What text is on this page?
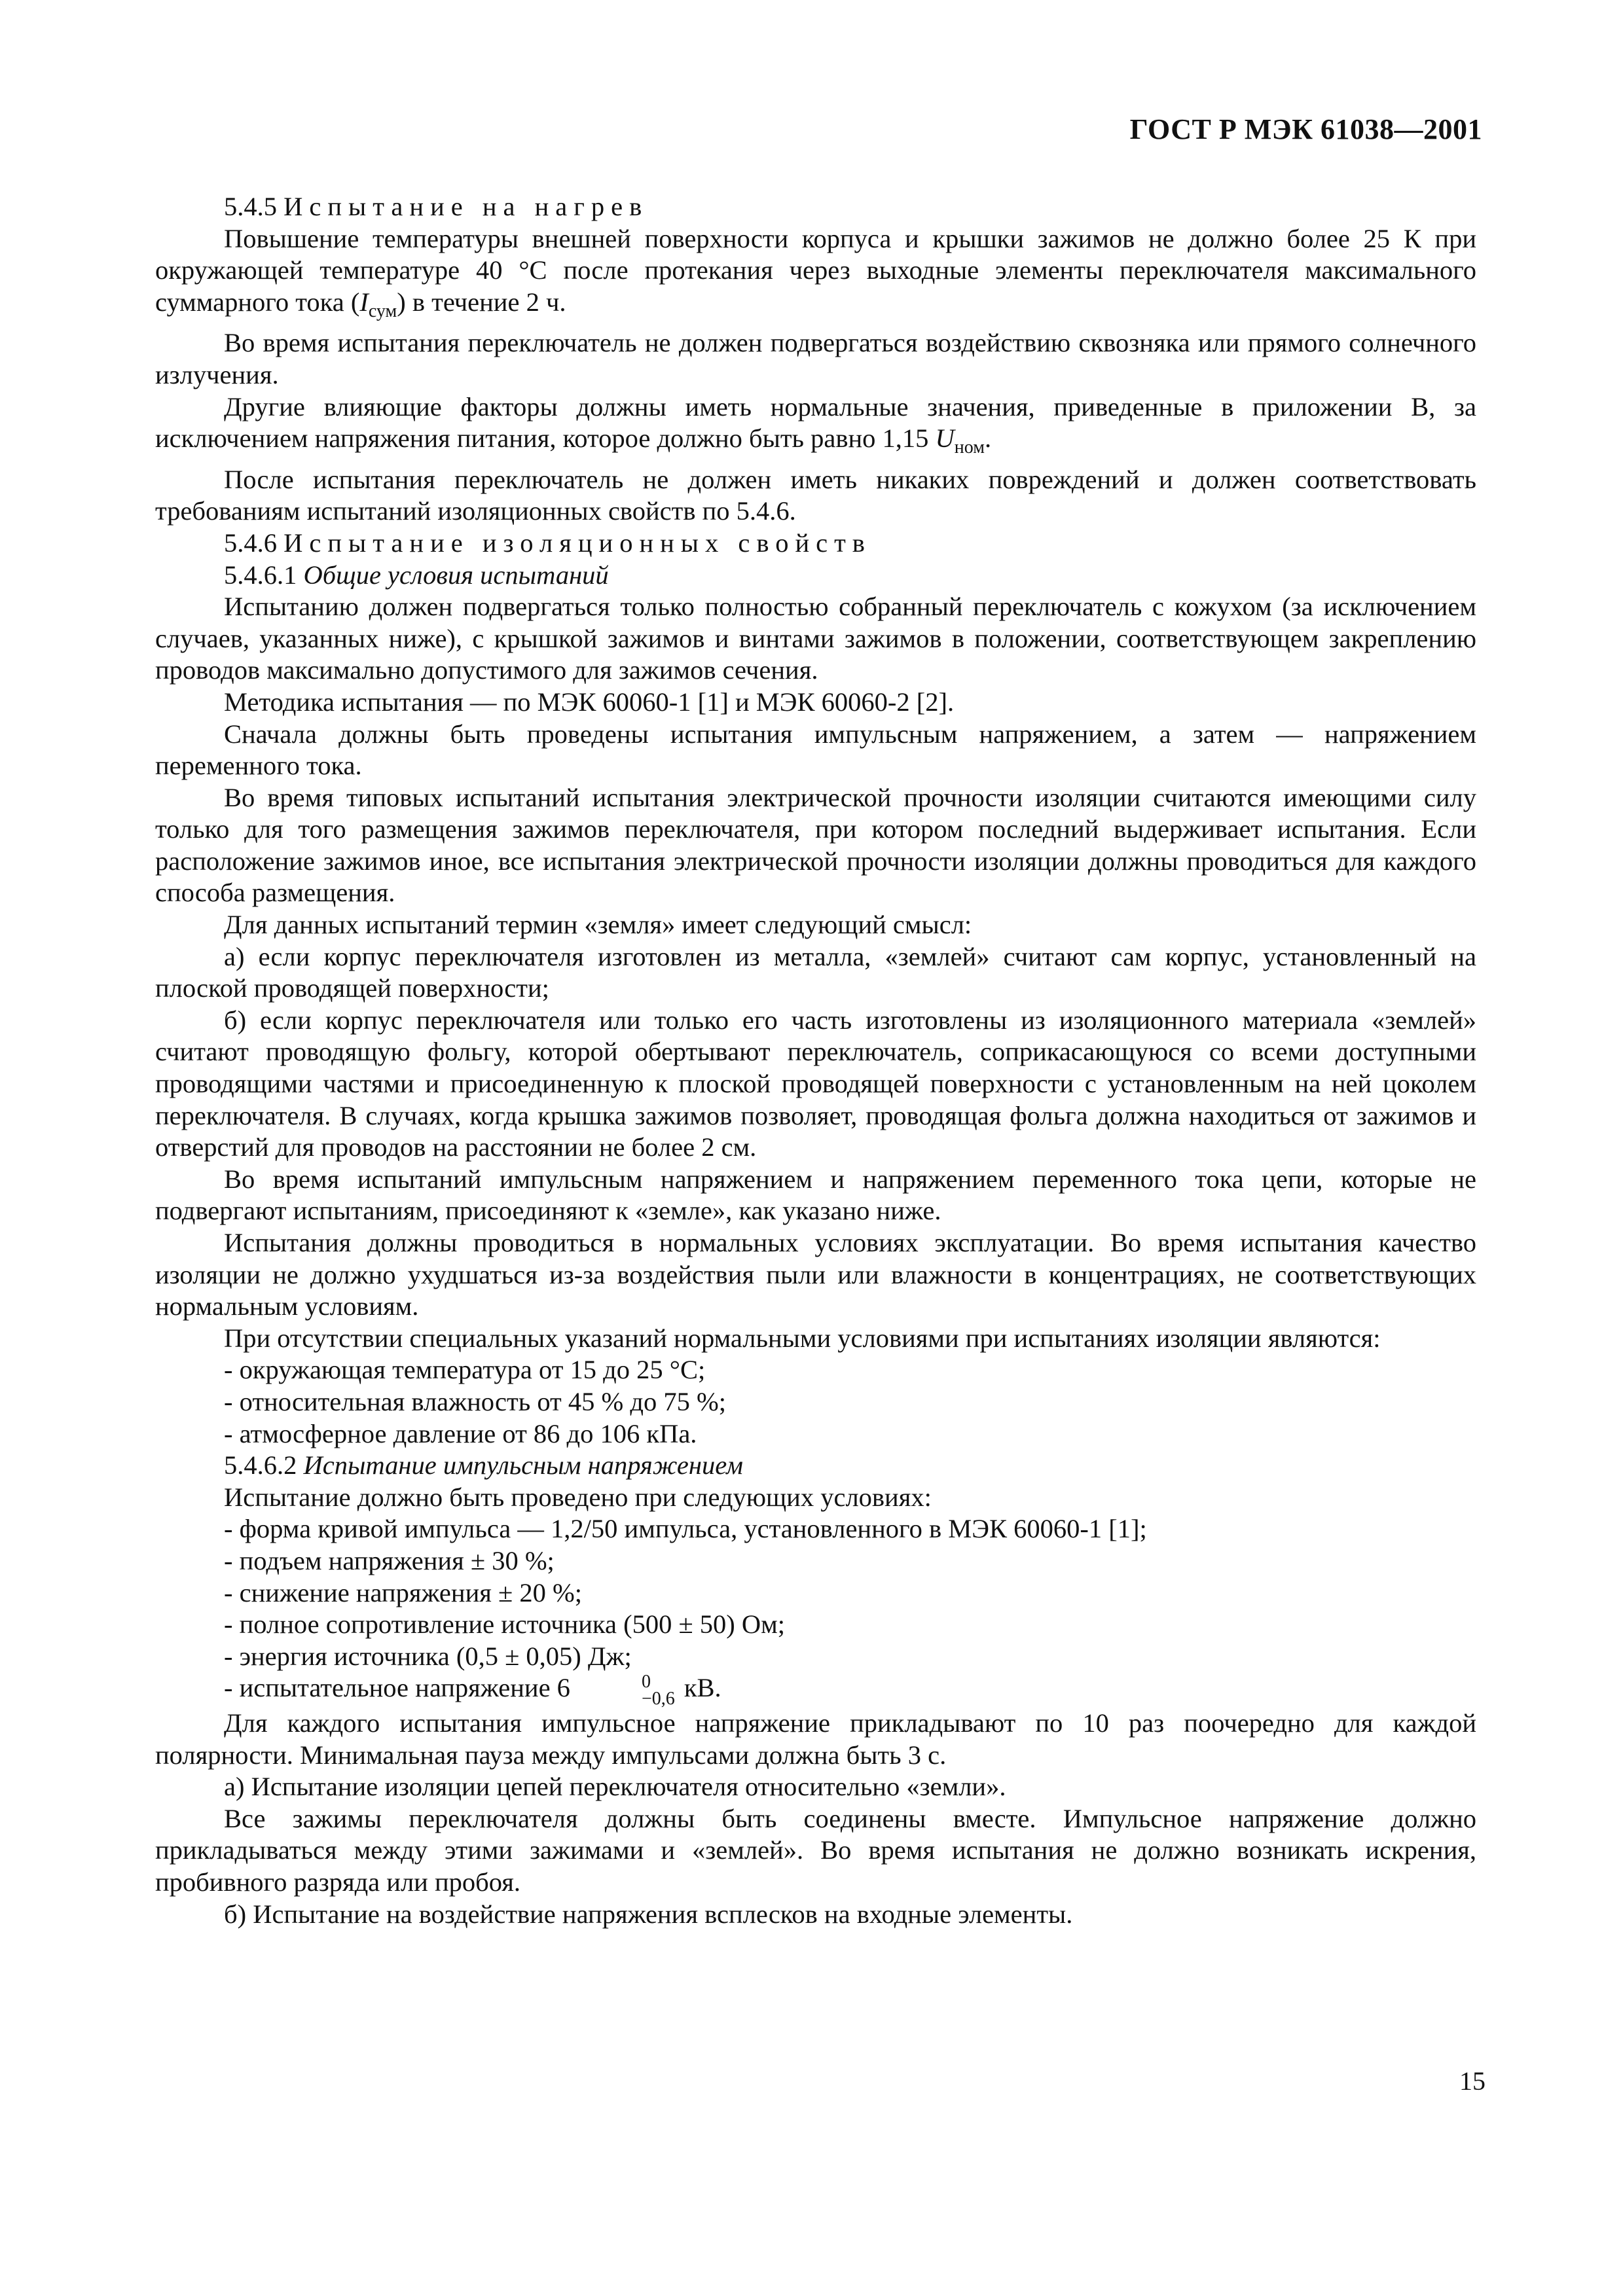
ГОСТ Р МЭК 61038—2001

5.4.5 Испытание на нагрев

Повышение температуры внешней поверхности корпуса и крышки зажимов не должно более 25 К при окружающей температуре 40 °С после протекания через выходные элементы переключателя максимального суммарного тока $(I_{сум})$ в течение 2 ч.

Во время испытания переключатель не должен подвергаться воздействию сквозняка или прямого солнечного излучения.

Другие влияющие факторы должны иметь нормальные значения, приведенные в приложении В, за исключением напряжения питания, которое должно быть равно 1,15 $U_{ном}$.

После испытания переключатель не должен иметь никаких повреждений и должен соответствовать требованиям испытаний изоляционных свойств по 5.4.6.

5.4.6 Испытание изоляционных свойств

5.4.6.1 Общие условия испытаний

Испытанию должен подвергаться только полностью собранный переключатель с кожухом (за исключением случаев, указанных ниже), с крышкой зажимов и винтами зажимов в положении, соответствующем закреплению проводов максимально допустимого для зажимов сечения.

Методика испытания — по МЭК 60060-1 [1] и МЭК 60060-2 [2].

Сначала должны быть проведены испытания импульсным напряжением, а затем — напряжением переменного тока.

Во время типовых испытаний испытания электрической прочности изоляции считаются имеющими силу только для того размещения зажимов переключателя, при котором последний выдерживает испытания. Если расположение зажимов иное, все испытания электрической прочности изоляции должны проводиться для каждого способа размещения.

Для данных испытаний термин «земля» имеет следующий смысл:

а) если корпус переключателя изготовлен из металла, «землей» считают сам корпус, установленный на плоской проводящей поверхности;

б) если корпус переключателя или только его часть изготовлены из изоляционного материала «землей» считают проводящую фольгу, которой обертывают переключатель, соприкасающуюся со всеми доступными проводящими частями и присоединенную к плоской проводящей поверхности с установленным на ней цоколем переключателя. В случаях, когда крышка зажимов позволяет, проводящая фольга должна находиться от зажимов и отверстий для проводов на расстоянии не более 2 см.

Во время испытаний импульсным напряжением и напряжением переменного тока цепи, которые не подвергают испытаниям, присоединяют к «земле», как указано ниже.

Испытания должны проводиться в нормальных условиях эксплуатации. Во время испытания качество изоляции не должно ухудшаться из-за воздействия пыли или влажности в концентрациях, не соответствующих нормальным условиям.

При отсутствии специальных указаний нормальными условиями при испытаниях изоляции являются:

- окружающая температура от 15 до 25 °С;

- относительная влажность от 45 % до 75 %;

- атмосферное давление от 86 до 106 кПа.

5.4.6.2 Испытание импульсным напряжением

Испытание должно быть проведено при следующих условиях:

- форма кривой импульса — 1,2/50 импульса, установленного в МЭК 60060-1 [1];

- подъем напряжения ± 30 %;

- снижение напряжения ± 20 %;

- полное сопротивление источника (500 ± 50) Ом;

- энергия источника (0,5 ± 0,05) Дж;

- испытательное напряжение 6	0
−0,6 кВ.

Для каждого испытания импульсное напряжение прикладывают по 10 раз поочередно для каждой полярности. Минимальная пауза между импульсами должна быть 3 с.

а) Испытание изоляции цепей переключателя относительно «земли».

Все зажимы переключателя должны быть соединены вместе. Импульсное напряжение должно прикладываться между этими зажимами и «землей». Во время испытания не должно возникать искрения, пробивного разряда или пробоя.

б) Испытание на воздействие напряжения всплесков на входные элементы.

15
